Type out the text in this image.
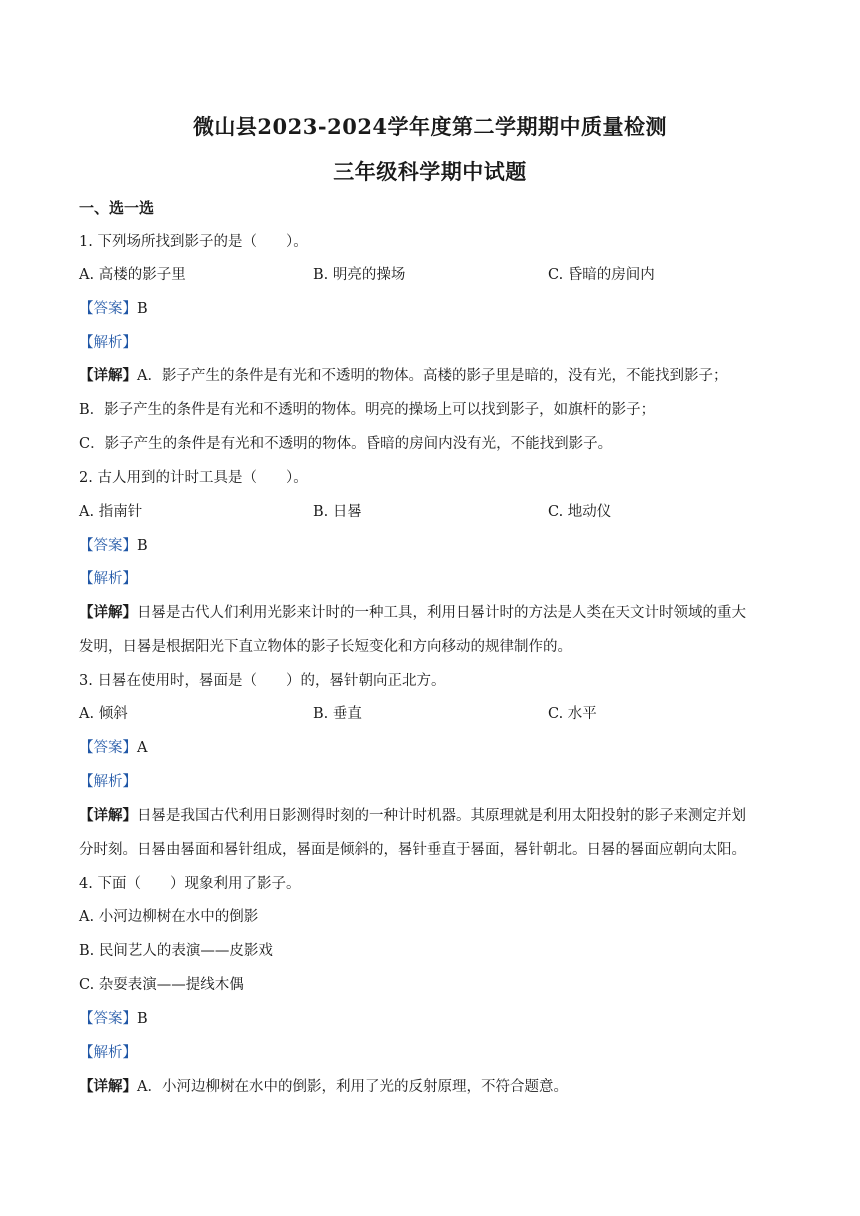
微山县2023-2024学年度第二学期期中质量检测
三年级科学期中试题
一、选一选
1. 下列场所找到影子的是（　　）。
A. 高楼的影子里	B. 明亮的操场	C. 昏暗的房间内
【答案】B
【解析】
【详解】A．影子产生的条件是有光和不透明的物体。高楼的影子里是暗的，没有光，不能找到影子；
B．影子产生的条件是有光和不透明的物体。明亮的操场上可以找到影子，如旗杆的影子；
C．影子产生的条件是有光和不透明的物体。昏暗的房间内没有光，不能找到影子。
2. 古人用到的计时工具是（　　）。
A. 指南针	B. 日晷	C. 地动仪
【答案】B
【解析】
【详解】日晷是古代人们利用光影来计时的一种工具，利用日晷计时的方法是人类在天文计时领域的重大
发明，日晷是根据阳光下直立物体的影子长短变化和方向移动的规律制作的。
3. 日晷在使用时，晷面是（　　）的，晷针朝向正北方。
A. 倾斜	B. 垂直	C. 水平
【答案】A
【解析】
【详解】日晷是我国古代利用日影测得时刻的一种计时机器。其原理就是利用太阳投射的影子来测定并划
分时刻。日晷由晷面和晷针组成，晷面是倾斜的，晷针垂直于晷面，晷针朝北。日晷的晷面应朝向太阳。
4. 下面（　　）现象利用了影子。
A. 小河边柳树在水中的倒影
B. 民间艺人的表演——皮影戏
C. 杂耍表演——提线木偶
【答案】B
【解析】
【详解】A．小河边柳树在水中的倒影，利用了光的反射原理，不符合题意。
